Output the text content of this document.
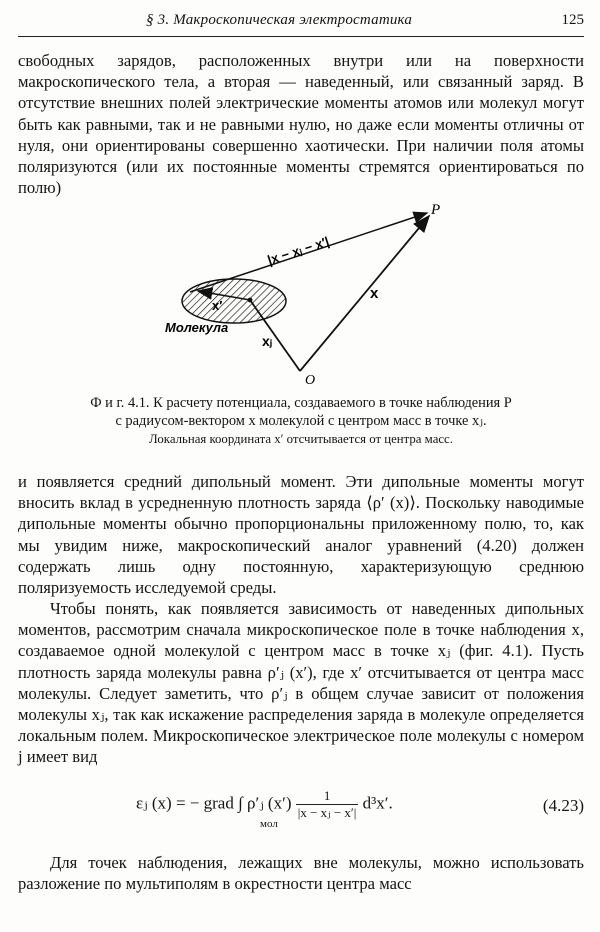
§ 3. Макроскопическая электростатика	125

свободных зарядов, расположенных внутри или на поверхности макроскопического тела, а вторая — наведенный, или связанный заряд. В отсутствие внешних полей электрические моменты атомов или молекул могут быть как равными, так и не равными нулю, но даже если моменты отличны от нуля, они ориентированы совершенно хаотически. При наличии поля атомы поляризуются (или их постоянные моменты стремятся ориентироваться по полю)

P
O
x
xⱼ
x′
|x − xⱼ − x′|
Молекула
Ф и г. 4.1. К расчету потенциала, создаваемого в точке наблюдения P
с радиусом-вектором x молекулой с центром масс в точке xⱼ.
Локальная координата x′ отсчитывается от центра масс.

и появляется средний дипольный момент. Эти дипольные моменты могут вносить вклад в усредненную плотность заряда ⟨ρ′ (x)⟩. Поскольку наводимые дипольные моменты обычно пропорциональны приложенному полю, то, как мы увидим ниже, макроскопический аналог уравнений (4.20) должен содержать лишь одну постоянную, характеризующую среднюю поляризуемость исследуемой среды.

Чтобы понять, как появляется зависимость от наведенных дипольных моментов, рассмотрим сначала микроскопическое поле в точке наблюдения x, создаваемое одной молекулой с центром масс в точке xⱼ (фиг. 4.1). Пусть плотность заряда молекулы равна ρ′ⱼ (x′), где x′ отсчитывается от центра масс молекулы. Следует заметить, что ρ′ⱼ в общем случае зависит от положения молекулы xⱼ, так как искажение распределения заряда в молекуле определяется локальным полем. Микроскопическое электрическое поле молекулы с номером j имеет вид

εⱼ (x) = − grad ∫ ρ′ⱼ $(x') \frac{1}{\text{|x − xⱼ − x′|}} d^3x'$.
мол
(4.23)

Для точек наблюдения, лежащих вне молекулы, можно использовать разложение по мультиполям в окрестности центра масс
